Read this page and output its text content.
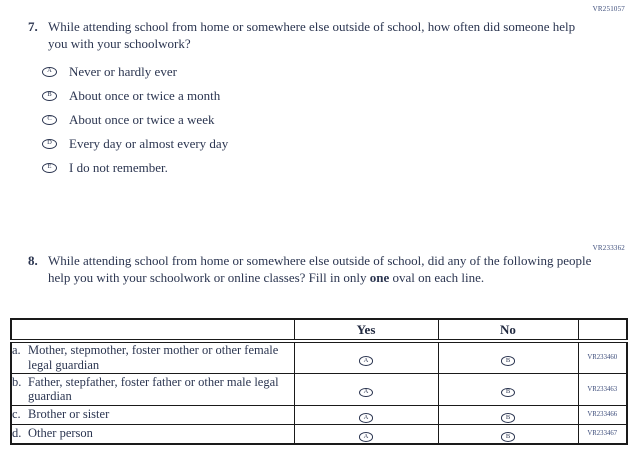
VR251057
VR233362
7. While attending school from home or somewhere else outside of school, how often did someone help you with your schoolwork?
A Never or hardly ever
B About once or twice a month
C About once or twice a week
D Every day or almost every day
E I do not remember.
8. While attending school from home or somewhere else outside of school, did any of the following people help you with your schoolwork or online classes? Fill in only one oval on each line.
	Yes	No	

a. Mother, stepmother, foster mother or other female legal guardian	A	B	VR233460

b. Father, stepfather, foster father or other male legal guardian	A	B	VR233463

c. Brother or sister	A	B	VR233466

d. Other person	A	B	VR233467
